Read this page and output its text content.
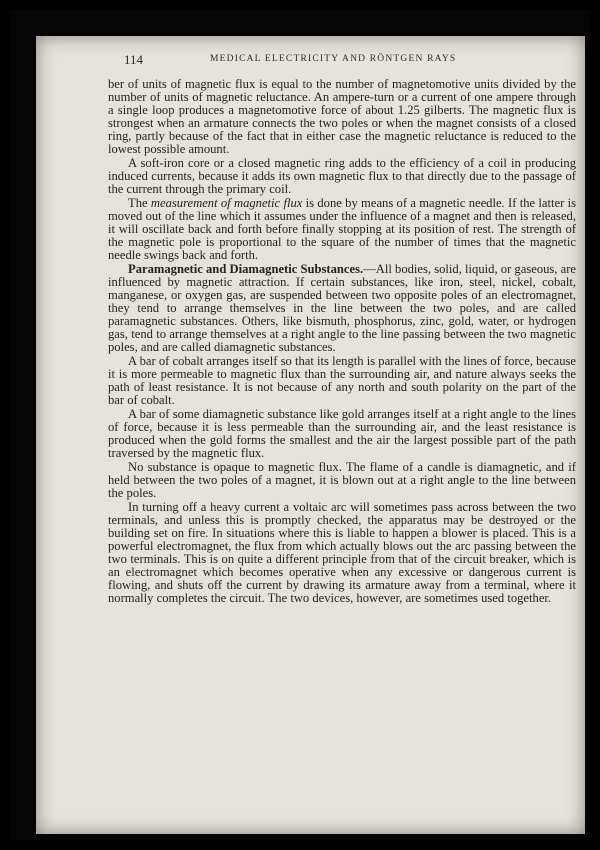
114	MEDICAL ELECTRICITY AND RÖNTGEN RAYS

ber of units of magnetic flux is equal to the number of magnetomotive units divided by the number of units of magnetic reluctance. An ampere-turn or a current of one ampere through a single loop produces a magnetomotive force of about 1.25 gilberts. The magnetic flux is strongest when an armature connects the two poles or when the magnet consists of a closed ring, partly because of the fact that in either case the magnetic reluctance is reduced to the lowest possible amount.

A soft-iron core or a closed magnetic ring adds to the efficiency of a coil in producing induced currents, because it adds its own magnetic flux to that directly due to the passage of the current through the primary coil.

The measurement of magnetic flux is done by means of a magnetic needle. If the latter is moved out of the line which it assumes under the influence of a magnet and then is released, it will oscillate back and forth before finally stopping at its position of rest. The strength of the magnetic pole is proportional to the square of the number of times that the magnetic needle swings back and forth.

Paramagnetic and Diamagnetic Substances.—All bodies, solid, liquid, or gaseous, are influenced by magnetic attraction. If certain substances, like iron, steel, nickel, cobalt, manganese, or oxygen gas, are suspended between two opposite poles of an electromagnet, they tend to arrange themselves in the line between the two poles, and are called paramagnetic substances. Others, like bismuth, phosphorus, zinc, gold, water, or hydrogen gas, tend to arrange themselves at a right angle to the line passing between the two magnetic poles, and are called diamagnetic substances.

A bar of cobalt arranges itself so that its length is parallel with the lines of force, because it is more permeable to magnetic flux than the surrounding air, and nature always seeks the path of least resistance. It is not because of any north and south polarity on the part of the bar of cobalt.

A bar of some diamagnetic substance like gold arranges itself at a right angle to the lines of force, because it is less permeable than the surrounding air, and the least resistance is produced when the gold forms the smallest and the air the largest possible part of the path traversed by the magnetic flux.

No substance is opaque to magnetic flux. The flame of a candle is diamagnetic, and if held between the two poles of a magnet, it is blown out at a right angle to the line between the poles.

In turning off a heavy current a voltaic arc will sometimes pass across between the two terminals, and unless this is promptly checked, the apparatus may be destroyed or the building set on fire. In situations where this is liable to happen a blower is placed. This is a powerful electromagnet, the flux from which actually blows out the arc passing between the two terminals. This is on quite a different principle from that of the circuit breaker, which is an electromagnet which becomes operative when any excessive or dangerous current is flowing, and shuts off the current by drawing its armature away from a terminal, where it normally completes the circuit. The two devices, however, are sometimes used together.
